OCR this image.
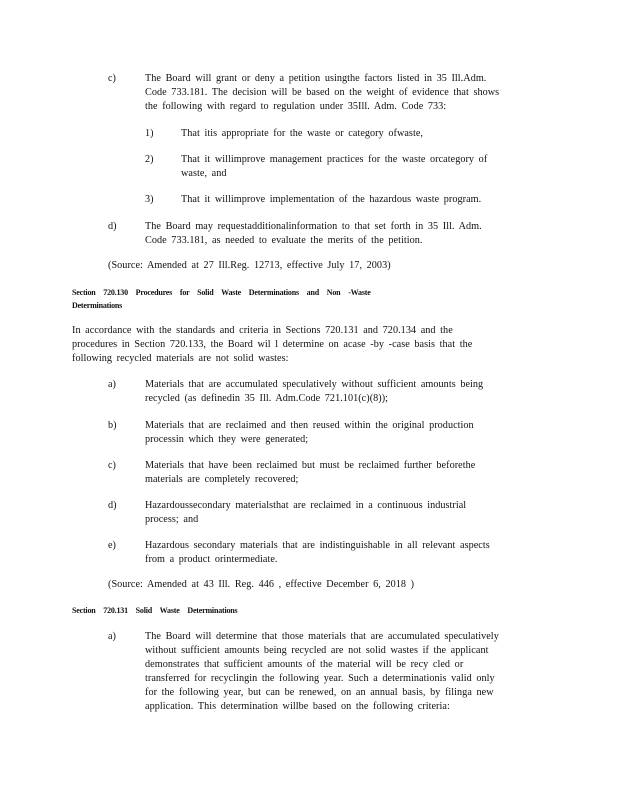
c)	The Board will grant or deny a petition usingthe factors listed in 35 Ill.Adm.
Code 733.181. The decision will be based on the weight of evidence that shows
the following with regard to regulation under 35Ill. Adm. Code 733:
1)	That itis appropriate for the waste or category ofwaste,
2)	That it willimprove management practices for the waste orcategory of
waste, and
3)	That it willimprove implementation of the hazardous waste program.
d)	The Board may requestadditionalinformation to that set forth in 35 Ill. Adm.
Code 733.181, as needed to evaluate the merits of the petition.
(Source: Amended at 27 Ill.Reg. 12713, effective July 17, 2003)
Section 720.130 Procedures for Solid Waste Determinations and Non -Waste
Determinations
In accordance with the standards and criteria in Sections 720.131 and 720.134 and the
procedures in Section 720.133, the Board wil l determine on acase -by -case basis that the
following recycled materials are not solid wastes:
a)	Materials that are accumulated speculatively without sufficient amounts being
recycled (as definedin 35 Ill. Adm.Code 721.101(c)(8));
b)	Materials that are reclaimed and then reused within the original production
processin which they were generated;
c)	Materials that have been reclaimed but must be reclaimed further beforethe
materials are completely recovered;
d)	Hazardoussecondary materialsthat are reclaimed in a continuous industrial
process; and
e)	Hazardous secondary materials that are indistinguishable in all relevant aspects
from a product orintermediate.
(Source: Amended at 43 Ill. Reg. 446 , effective December 6, 2018 )
Section 720.131 Solid Waste Determinations
a)	The Board will determine that those materials that are accumulated speculatively
without sufficient amounts being recycled are not solid wastes if the applicant
demonstrates that sufficient amounts of the material will be recy cled or
transferred for recyclingin the following year. Such a determinationis valid only
for the following year, but can be renewed, on an annual basis, by filinga new
application. This determination willbe based on the following criteria:
